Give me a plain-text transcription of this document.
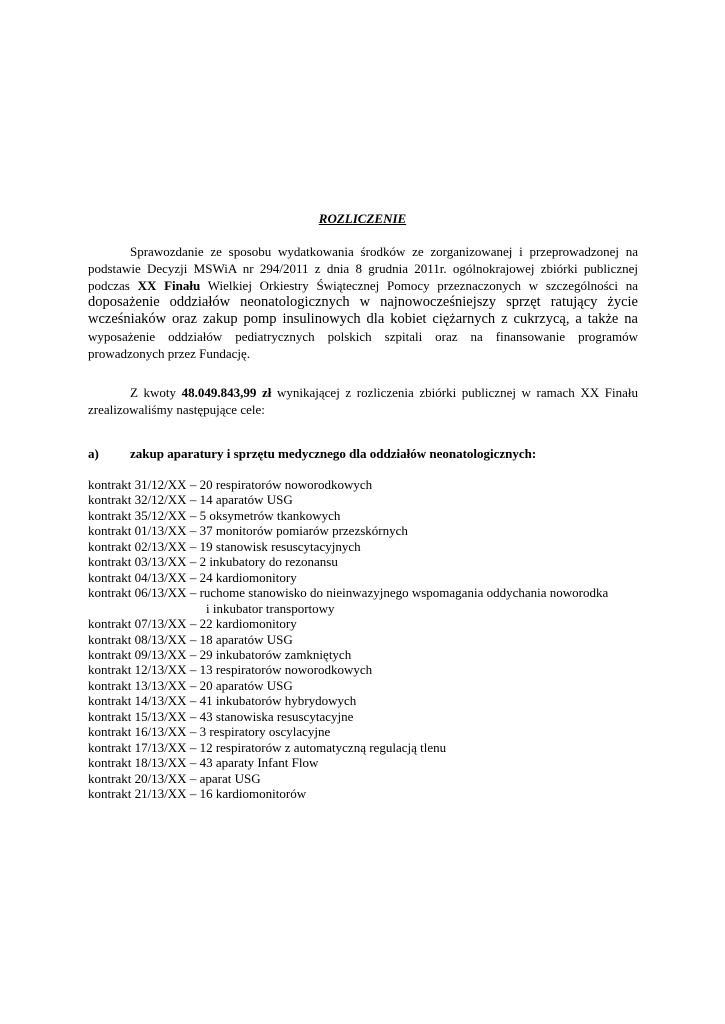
ROZLICZENIE
Sprawozdanie ze sposobu wydatkowania środków ze zorganizowanej i przeprowadzonej na
podstawie Decyzji MSWiA nr 294/2011 z dnia 8 grudnia 2011r. ogólnokrajowej zbiórki publicznej
podczas XX Finału Wielkiej Orkiestry Świątecznej Pomocy przeznaczonych w szczególności na
doposażenie oddziałów neonatologicznych w najnowocześniejszy sprzęt ratujący życie
wcześniaków oraz zakup pomp insulinowych dla kobiet ciężarnych z cukrzycą, a także na
wyposażenie oddziałów pediatrycznych polskich szpitali oraz na finansowanie programów
prowadzonych przez Fundację.
Z kwoty 48.049.843,99 zł wynikającej z rozliczenia zbiórki publicznej w ramach XX Finału
zrealizowaliśmy następujące cele:
a) zakup aparatury i sprzętu medycznego dla oddziałów neonatologicznych:
kontrakt 31/12/XX – 20 respiratorów noworodkowych
kontrakt 32/12/XX – 14 aparatów USG
kontrakt 35/12/XX – 5 oksymetrów tkankowych
kontrakt 01/13/XX – 37 monitorów pomiarów przezskórnych
kontrakt 02/13/XX – 19 stanowisk resuscytacyjnych
kontrakt 03/13/XX – 2 inkubatory do rezonansu
kontrakt 04/13/XX – 24 kardiomonitory
kontrakt 06/13/XX – ruchome stanowisko do nieinwazyjnego wspomagania oddychania noworodka
i inkubator transportowy
kontrakt 07/13/XX – 22 kardiomonitory
kontrakt 08/13/XX – 18 aparatów USG
kontrakt 09/13/XX – 29 inkubatorów zamkniętych
kontrakt 12/13/XX – 13 respiratorów noworodkowych
kontrakt 13/13/XX – 20 aparatów USG
kontrakt 14/13/XX – 41 inkubatorów hybrydowych
kontrakt 15/13/XX – 43 stanowiska resuscytacyjne
kontrakt 16/13/XX – 3 respiratory oscylacyjne
kontrakt 17/13/XX – 12 respiratorów z automatyczną regulacją tlenu
kontrakt 18/13/XX – 43 aparaty Infant Flow
kontrakt 20/13/XX – aparat USG
kontrakt 21/13/XX – 16 kardiomonitorów
